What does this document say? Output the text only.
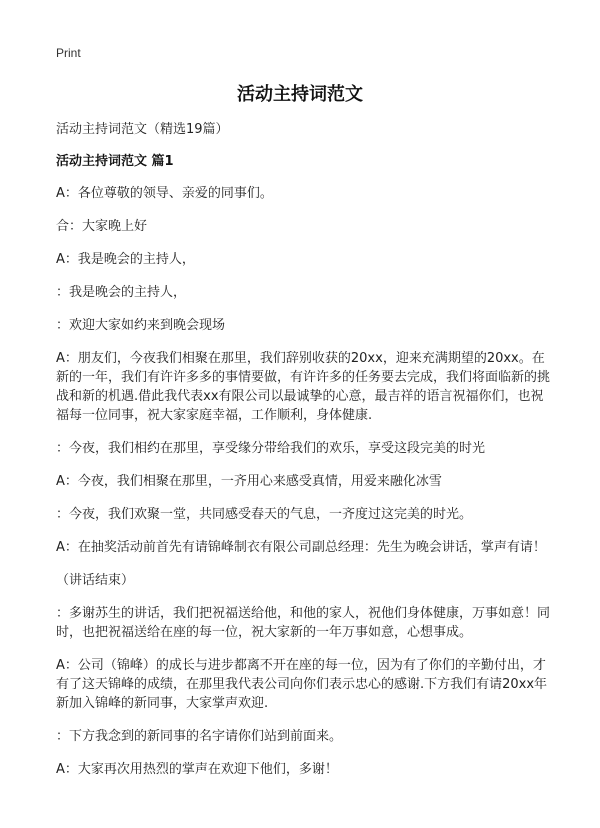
Print
活动主持词范文

活动主持词范文（精选19篇）

活动主持词范文 篇1

A：各位尊敬的领导、亲爱的同事们。

合：大家晚上好

A：我是晚会的主持人，

：我是晚会的主持人，

：欢迎大家如约来到晚会现场

A：朋友们，今夜我们相聚在那里，我们辞别收获的20xx，迎来充满期望的20xx。在新的一年，我们有许许多多的事情要做，有许许多的任务要去完成，我们将面临新的挑战和新的机遇.借此我代表xx有限公司以最诚挚的心意，最吉祥的语言祝福你们，也祝福每一位同事，祝大家家庭幸福，工作顺利，身体健康.

：今夜，我们相约在那里，享受缘分带给我们的欢乐，享受这段完美的时光

A：今夜，我们相聚在那里，一齐用心来感受真情，用爱来融化冰雪

：今夜，我们欢聚一堂，共同感受春天的气息，一齐度过这完美的时光。

A：在抽奖活动前首先有请锦峰制衣有限公司副总经理：先生为晚会讲话，掌声有请！

（讲话结束）

：多谢苏生的讲话，我们把祝福送给他，和他的家人，祝他们身体健康，万事如意！同时，也把祝福送给在座的每一位，祝大家新的一年万事如意，心想事成。

A：公司（锦峰）的成长与进步都离不开在座的每一位，因为有了你们的辛勤付出，才有了这天锦峰的成绩，在那里我代表公司向你们表示忠心的感谢.下方我们有请20xx年新加入锦峰的新同事，大家掌声欢迎.

：下方我念到的新同事的名字请你们站到前面来。

A：大家再次用热烈的掌声在欢迎下他们，多谢！
